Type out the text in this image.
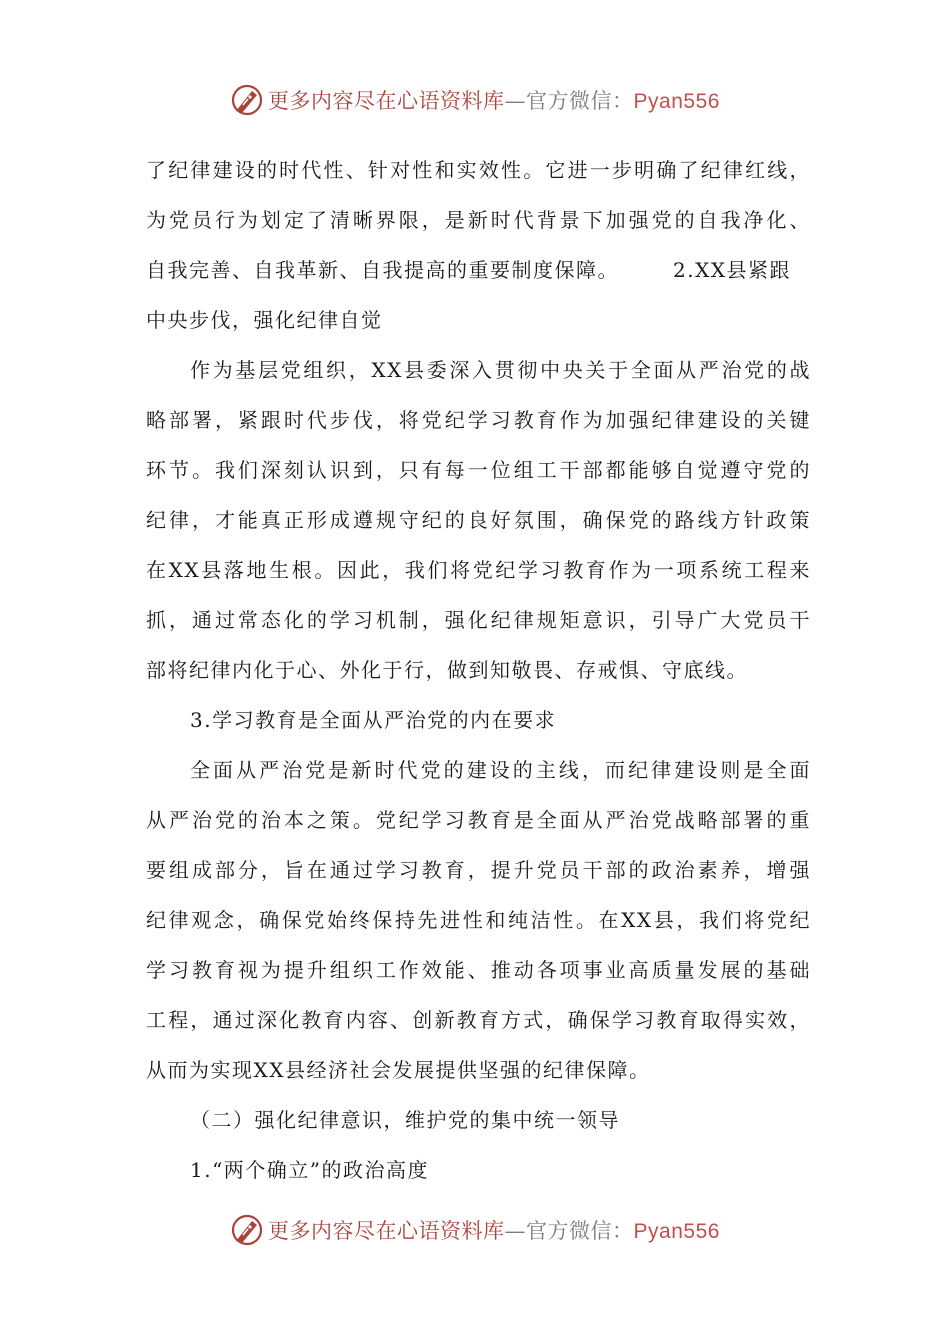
更多内容尽在心语资料库—官方微信：Pyan556
了纪律建设的时代性、针对性和实效性。它进一步明确了纪律红线，
为党员行为划定了清晰界限，是新时代背景下加强党的自我净化、
自我完善、自我革新、自我提高的重要制度保障。	2.XX县紧跟
中央步伐，强化纪律自觉
作为基层党组织，XX县委深入贯彻中央关于全面从严治党的战
略部署，紧跟时代步伐，将党纪学习教育作为加强纪律建设的关键
环节。我们深刻认识到，只有每一位组工干部都能够自觉遵守党的
纪律，才能真正形成遵规守纪的良好氛围，确保党的路线方针政策
在XX县落地生根。因此，我们将党纪学习教育作为一项系统工程来
抓，通过常态化的学习机制，强化纪律规矩意识，引导广大党员干
部将纪律内化于心、外化于行，做到知敬畏、存戒惧、守底线。
3.学习教育是全面从严治党的内在要求
全面从严治党是新时代党的建设的主线，而纪律建设则是全面
从严治党的治本之策。党纪学习教育是全面从严治党战略部署的重
要组成部分，旨在通过学习教育，提升党员干部的政治素养，增强
纪律观念，确保党始终保持先进性和纯洁性。在XX县，我们将党纪
学习教育视为提升组织工作效能、推动各项事业高质量发展的基础
工程，通过深化教育内容、创新教育方式，确保学习教育取得实效，
从而为实现XX县经济社会发展提供坚强的纪律保障。
（二）强化纪律意识，维护党的集中统一领导
1.“两个确立”的政治高度
更多内容尽在心语资料库—官方微信：Pyan556
